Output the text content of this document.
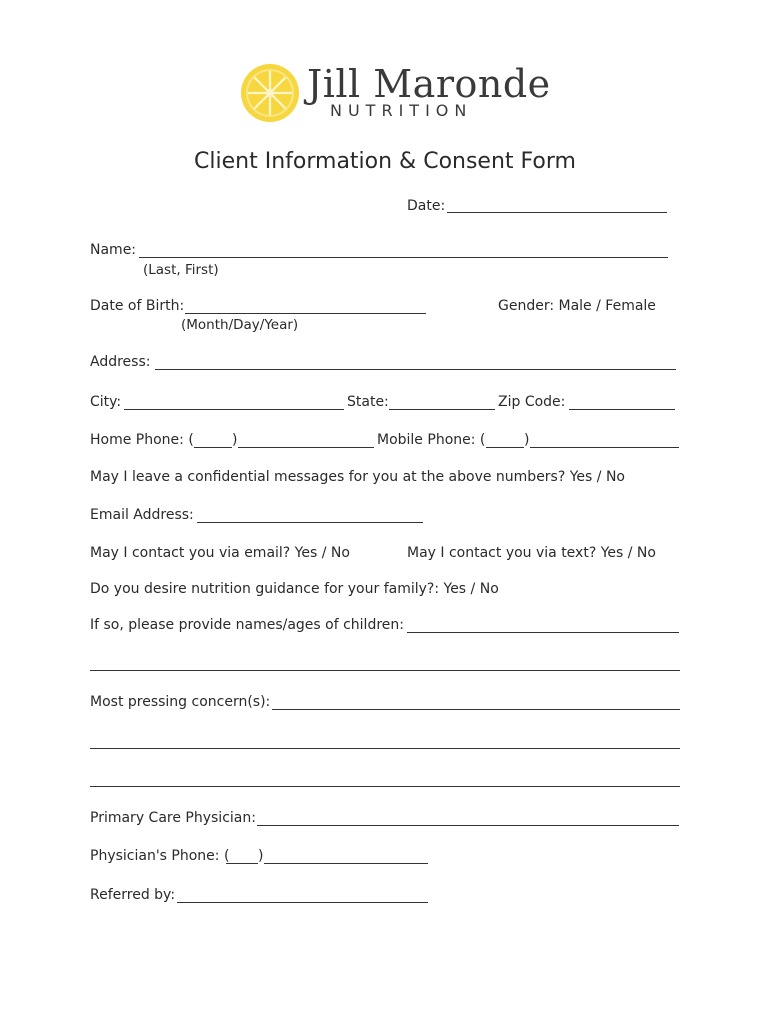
Jill Maronde
NUTRITION
Client Information & Consent Form
Date:
Name:
(Last, First)
Date of Birth:
(Month/Day/Year)
Gender: Male / Female
Address:
City:	State:	Zip Code:
Home Phone: (	)	Mobile Phone: (	)
May I leave a confidential messages for you at the above numbers? Yes / No
Email Address:
May I contact you via email? Yes / No	May I contact you via text? Yes / No
Do you desire nutrition guidance for your family?: Yes / No
If so, please provide names/ages of children:
Most pressing concern(s):
Primary Care Physician:
Physician's Phone: ( )
Referred by:
